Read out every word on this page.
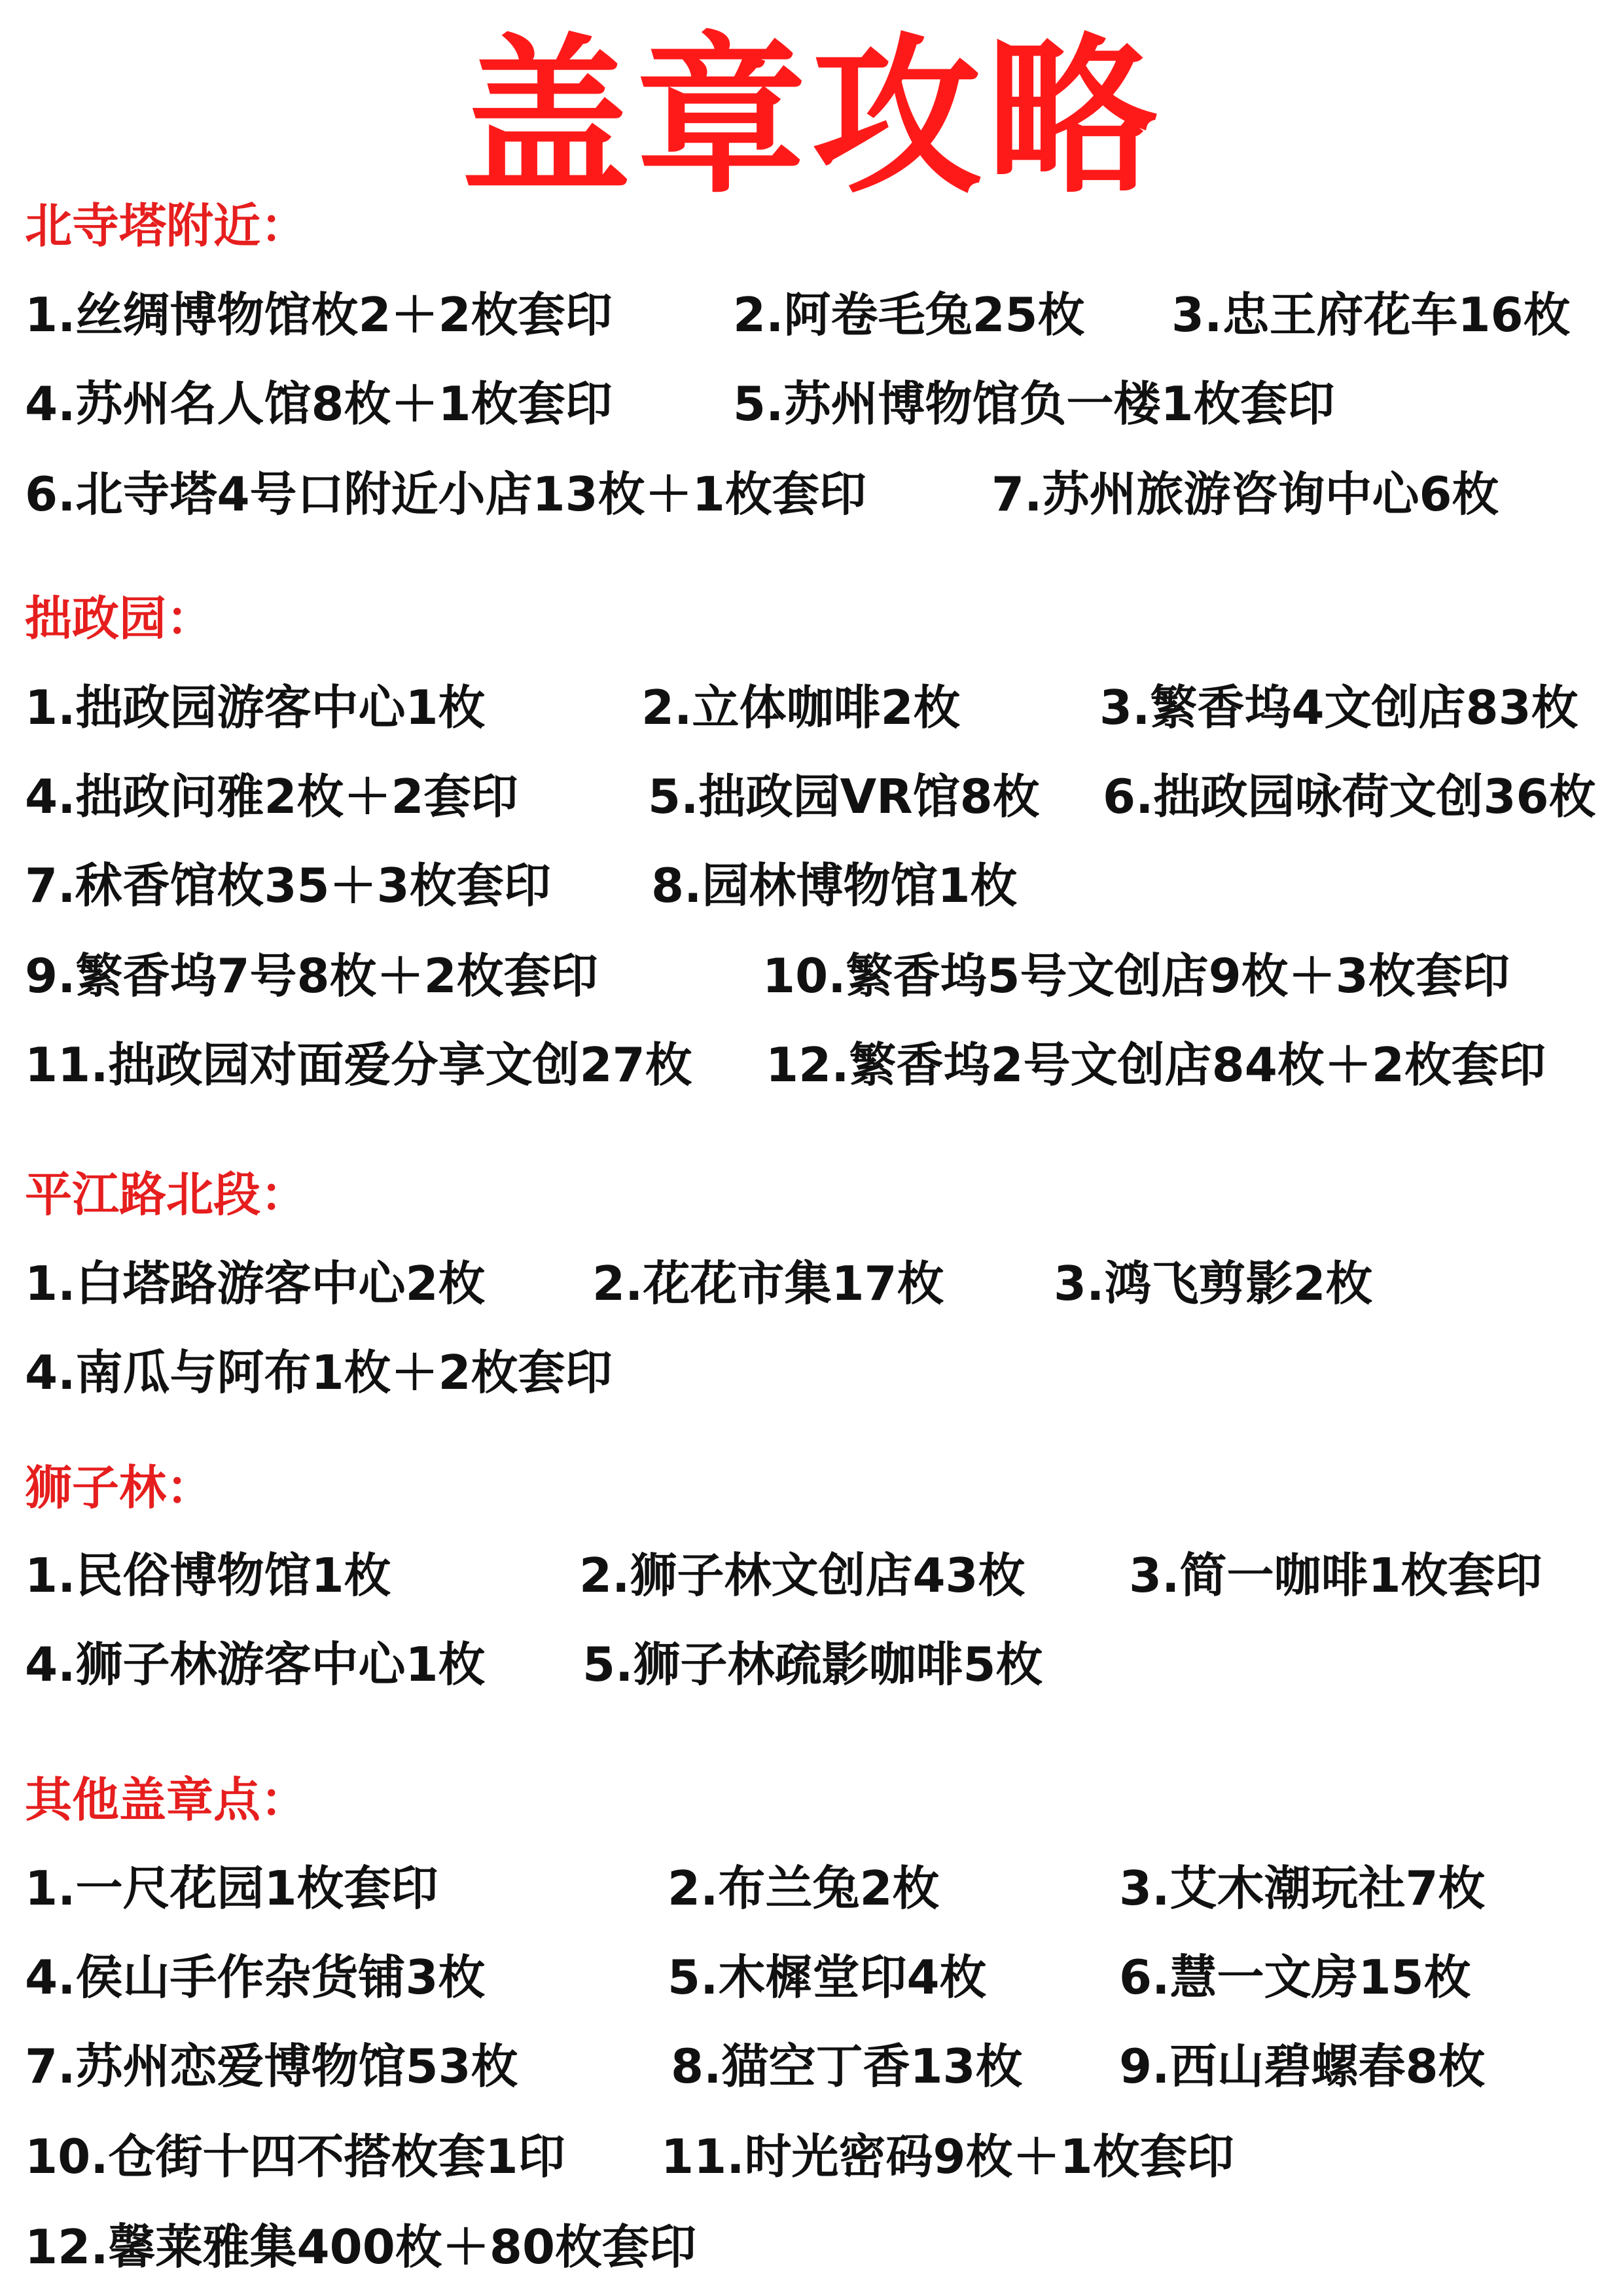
盖章攻略
北寺塔附近：
1.丝绸博物馆枚2＋2枚套印	2.阿卷毛兔25枚 3.忠王府花车16枚
4.苏州名人馆8枚＋1枚套印	5.苏州博物馆负一楼1枚套印
6.北寺塔4号口附近小店13枚＋1枚套印	7.苏州旅游咨询中心6枚
拙政园：
1.拙政园游客中心1枚	2.立体咖啡2枚	3.繁香坞4文创店83枚
4.拙政问雅2枚＋2套印	5.拙政园VR馆8枚 6.拙政园咏荷文创36枚
7.秫香馆枚35＋3枚套印 8.园林博物馆1枚
9.繁香坞7号8枚＋2枚套印	10.繁香坞5号文创店9枚＋3枚套印
11.拙政园对面爱分享文创27枚 12.繁香坞2号文创店84枚＋2枚套印
平江路北段：
1.白塔路游客中心2枚 2.花花市集17枚 3.鸿飞剪影2枚
4.南瓜与阿布1枚＋2枚套印
狮子林：
1.民俗博物馆1枚	2.狮子林文创店43枚 3.简一咖啡1枚套印
4.狮子林游客中心1枚 5.狮子林疏影咖啡5枚
其他盖章点：
1.一尺花园1枚套印	2.布兰兔2枚	3.艾木潮玩社7枚
4.侯山手作杂货铺3枚	5.木樨堂印4枚	6.慧一文房15枚
7.苏州恋爱博物馆53枚	8.猫空丁香13枚 9.西山碧螺春8枚
10.仓街十四不搭枚套1印 11.时光密码9枚＋1枚套印
12.馨莱雅集400枚＋80枚套印
